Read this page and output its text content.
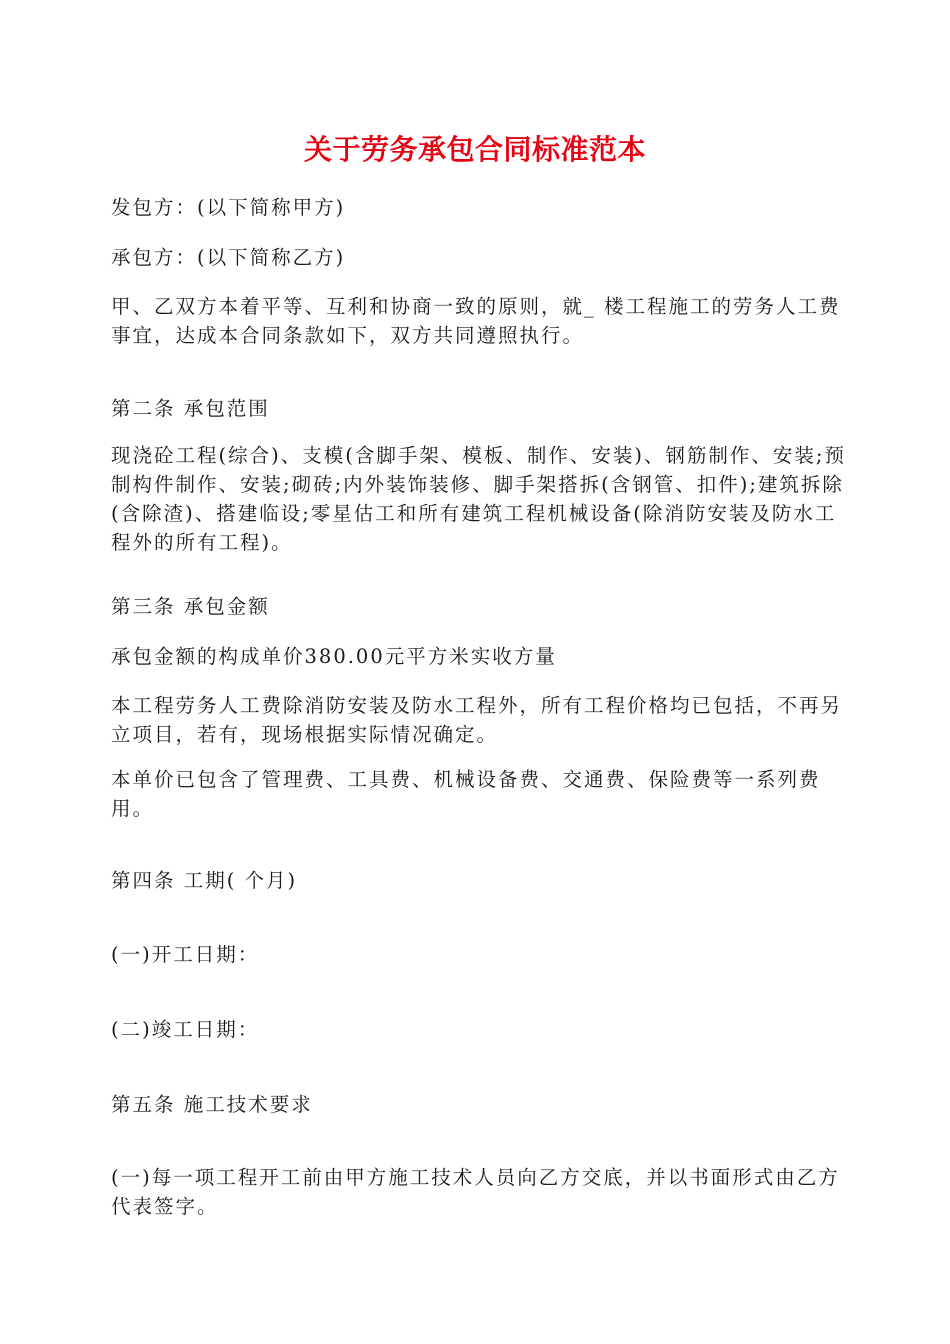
关于劳务承包合同标准范本
发包方：(以下简称甲方)
承包方：(以下简称乙方)
甲、乙双方本着平等、互利和协商一致的原则，就_ 楼工程施工的劳务人工费事宜，达成本合同条款如下，双方共同遵照执行。
第二条 承包范围
现浇砼工程(综合)、支模(含脚手架、模板、制作、安装)、钢筋制作、安装;预制构件制作、安装;砌砖;内外装饰装修、脚手架搭拆(含钢管、扣件);建筑拆除(含除渣)、搭建临设;零星估工和所有建筑工程机械设备(除消防安装及防水工程外的所有工程)。
第三条 承包金额
承包金额的构成单价380.00元平方米实收方量
本工程劳务人工费除消防安装及防水工程外，所有工程价格均已包括，不再另立项目，若有，现场根据实际情况确定。
本单价已包含了管理费、工具费、机械设备费、交通费、保险费等一系列费用。
第四条 工期( 个月)
(一)开工日期：
(二)竣工日期：
第五条 施工技术要求
(一)每一项工程开工前由甲方施工技术人员向乙方交底，并以书面形式由乙方代表签字。
